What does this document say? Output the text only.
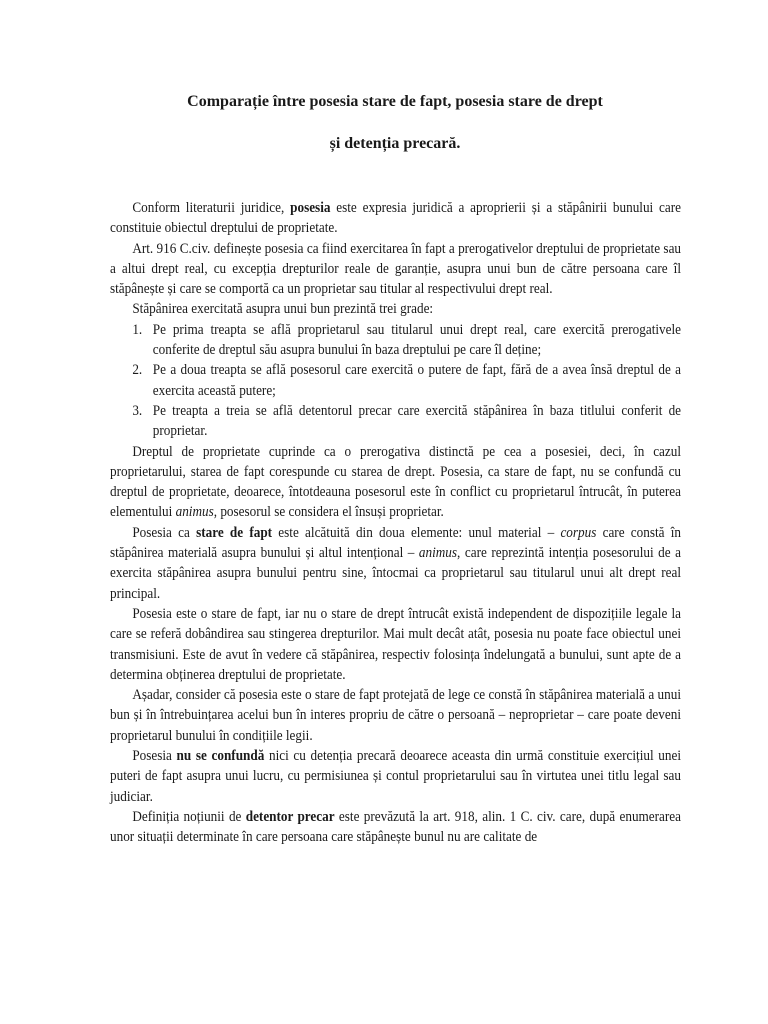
Comparație între posesia stare de fapt, posesia stare de drept
și detenția precară.

Conform literaturii juridice, posesia este expresia juridică a aproprierii și a stăpânirii bunului care constituie obiectul dreptului de proprietate.

Art. 916 C.civ. definește posesia ca fiind exercitarea în fapt a prerogativelor dreptului de proprietate sau a altui drept real, cu excepția drepturilor reale de garanție, asupra unui bun de către persoana care îl stăpânește și care se comportă ca un proprietar sau titular al respectivului drept real.

Stăpânirea exercitată asupra unui bun prezintă trei grade:

1. Pe prima treapta se află proprietarul sau titularul unui drept real, care exercită prerogativele conferite de dreptul său asupra bunului în baza dreptului pe care îl deține;
2. Pe a doua treapta se află posesorul care exercită o putere de fapt, fără de a avea însă dreptul de a exercita această putere;
3. Pe treapta a treia se află detentorul precar care exercită stăpânirea în baza titlului conferit de proprietar.

Dreptul de proprietate cuprinde ca o prerogativa distinctă pe cea a posesiei, deci, în cazul proprietarului, starea de fapt corespunde cu starea de drept. Posesia, ca stare de fapt, nu se confundă cu dreptul de proprietate, deoarece, întotdeauna posesorul este în conflict cu proprietarul întrucât, în puterea elementului animus, posesorul se considera el însuși proprietar.

Posesia ca stare de fapt este alcătuită din doua elemente: unul material – corpus care constă în stăpânirea materială asupra bunului și altul intențional – animus, care reprezintă intenția posesorului de a exercita stăpânirea asupra bunului pentru sine, întocmai ca proprietarul sau titularul unui alt drept real principal.

Posesia este o stare de fapt, iar nu o stare de drept întrucât există independent de dispozițiile legale la care se referă dobândirea sau stingerea drepturilor. Mai mult decât atât, posesia nu poate face obiectul unei transmisiuni. Este de avut în vedere că stăpânirea, respectiv folosința îndelungată a bunului, sunt apte de a determina obținerea dreptului de proprietate.

Așadar, consider că posesia este o stare de fapt protejată de lege ce constă în stăpânirea materială a unui bun și în întrebuințarea acelui bun în interes propriu de către o persoană – neproprietar – care poate deveni proprietarul bunului în condițiile legii.

Posesia nu se confundă nici cu detenția precară deoarece aceasta din urmă constituie exercițiul unei puteri de fapt asupra unui lucru, cu permisiunea și contul proprietarului sau în virtutea unei titlu legal sau judiciar.

Definiția noțiunii de detentor precar este prevăzută la art. 918, alin. 1 C. civ. care, după enumerarea unor situații determinate în care persoana care stăpânește bunul nu are calitate de
